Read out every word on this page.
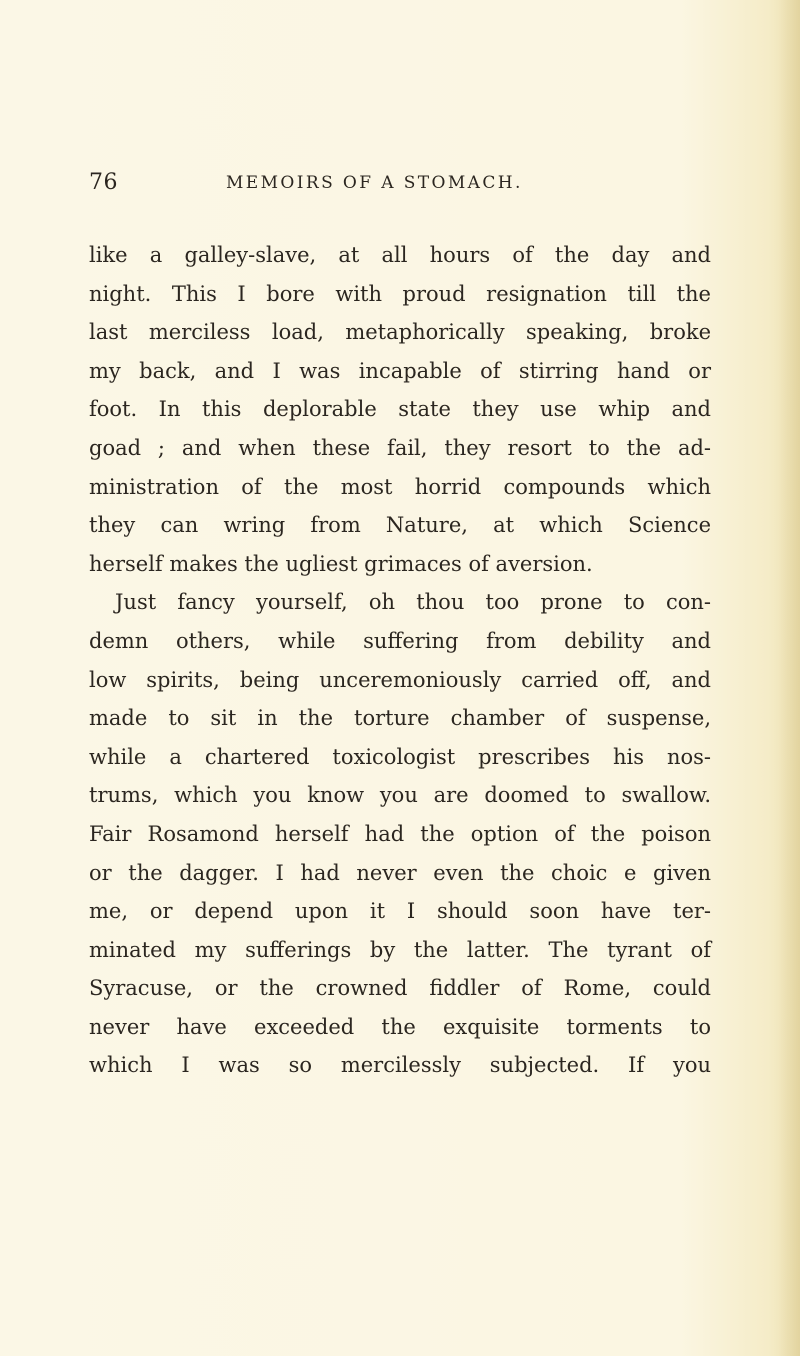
76	MEMOIRS OF A STOMACH.
like a galley-slave, at all hours of the day and
night. This I bore with proud resignation till the
last merciless load, metaphorically speaking, broke
my back, and I was incapable of stirring hand or
foot. In this deplorable state they use whip and
goad ; and when these fail, they resort to the ad-
ministration of the most horrid compounds which
they can wring from Nature, at which Science
herself makes the ugliest grimaces of aversion.
Just fancy yourself, oh thou too prone to con-
demn others, while suffering from debility and
low spirits, being unceremoniously carried off, and
made to sit in the torture chamber of suspense,
while a chartered toxicologist prescribes his nos-
trums, which you know you are doomed to swallow.
Fair Rosamond herself had the option of the poison
or the dagger. I had never even the choic e given
me, or depend upon it I should soon have ter-
minated my sufferings by the latter. The tyrant of
Syracuse, or the crowned fiddler of Rome, could
never have exceeded the exquisite torments to
which I was so mercilessly subjected. If you
